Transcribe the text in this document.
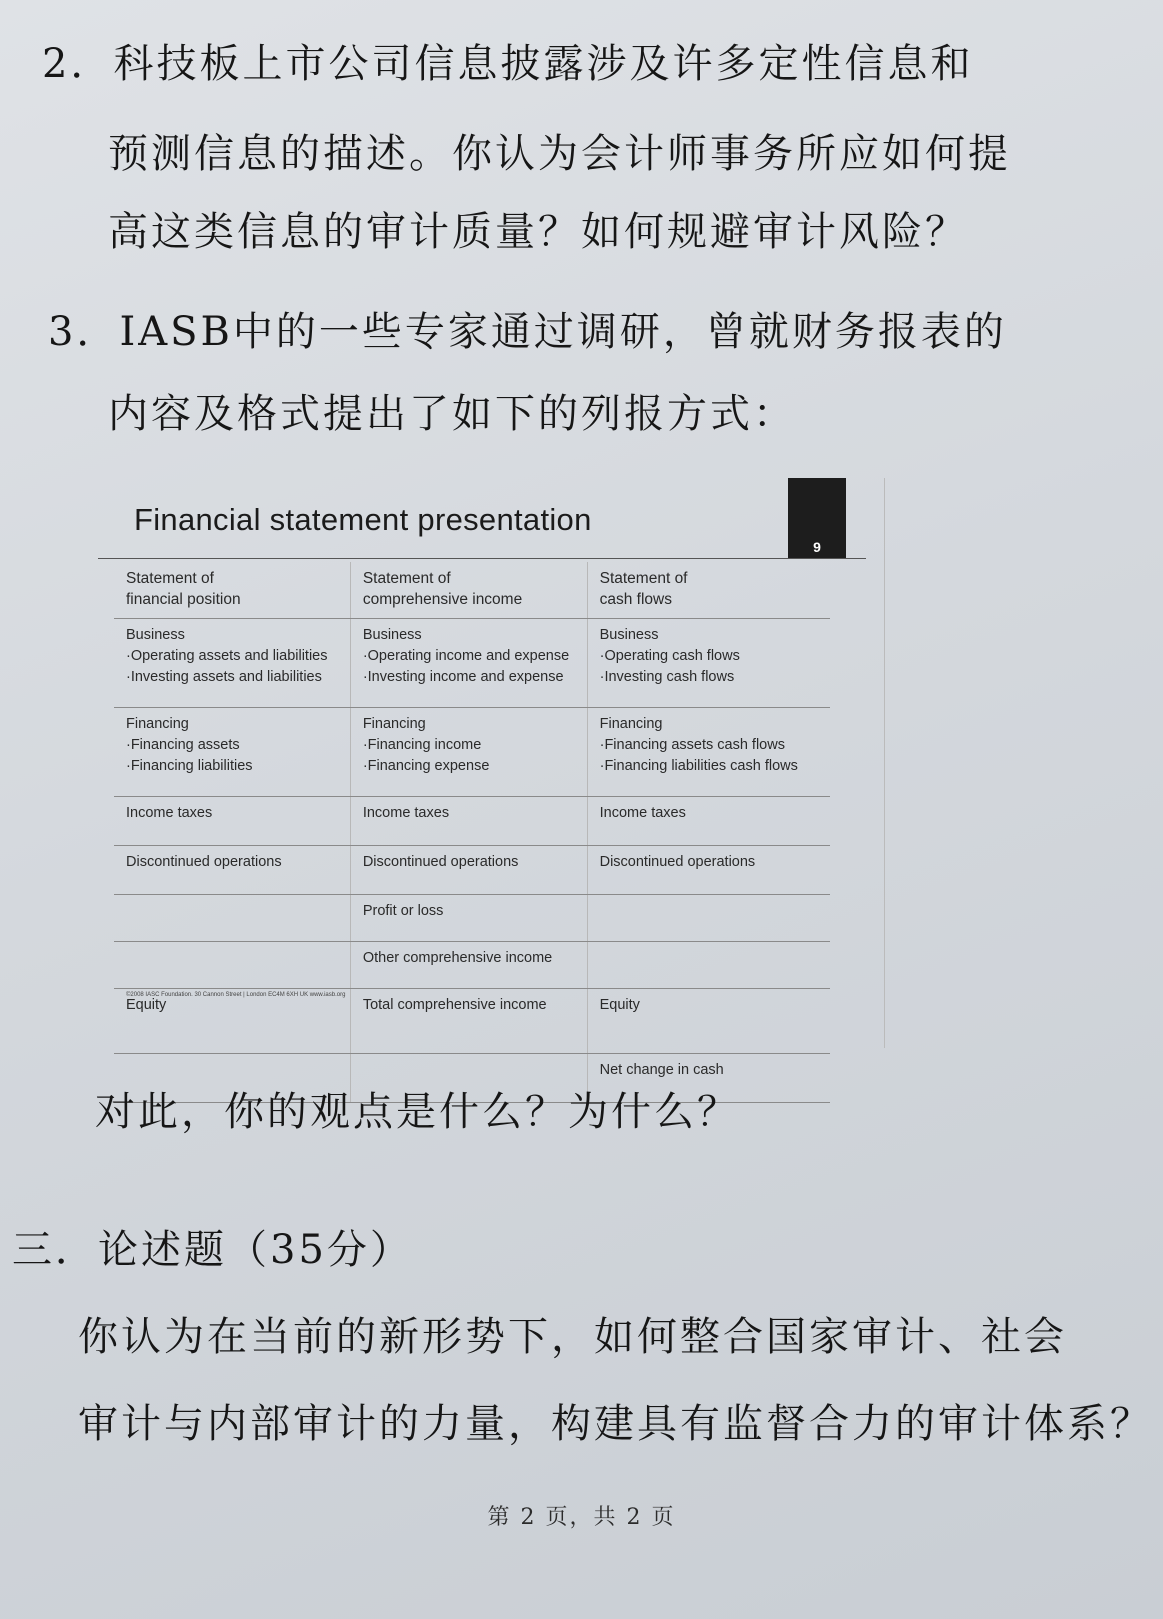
2．科技板上市公司信息披露涉及许多定性信息和
预测信息的描述。你认为会计师事务所应如何提
高这类信息的审计质量？如何规避审计风险？
3．IASB中的一些专家通过调研，曾就财务报表的
内容及格式提出了如下的列报方式：
Financial statement presentation
9
Statement of
financial position	Statement of
comprehensive income	Statement of
cash flows
Business
·Operating assets and liabilities
·Investing assets and liabilities	Business
·Operating income and expense
·Investing income and expense	Business
·Operating cash flows
·Investing cash flows
Financing
·Financing assets
·Financing liabilities	Financing
·Financing income
·Financing expense	Financing
·Financing assets cash flows
·Financing liabilities cash flows
Income taxes	Income taxes	Income taxes
Discontinued operations	Discontinued operations	Discontinued operations
	Profit or loss	
	Other comprehensive income	
Equity	Total comprehensive income	Equity
		Net change in cash
©2008 IASC Foundation. 30 Cannon Street | London EC4M 6XH UK www.iasb.org
对此，你的观点是什么？为什么？
三．论述题（35分）
你认为在当前的新形势下，如何整合国家审计、社会
审计与内部审计的力量，构建具有监督合力的审计体系？
第 2 页，共 2 页
